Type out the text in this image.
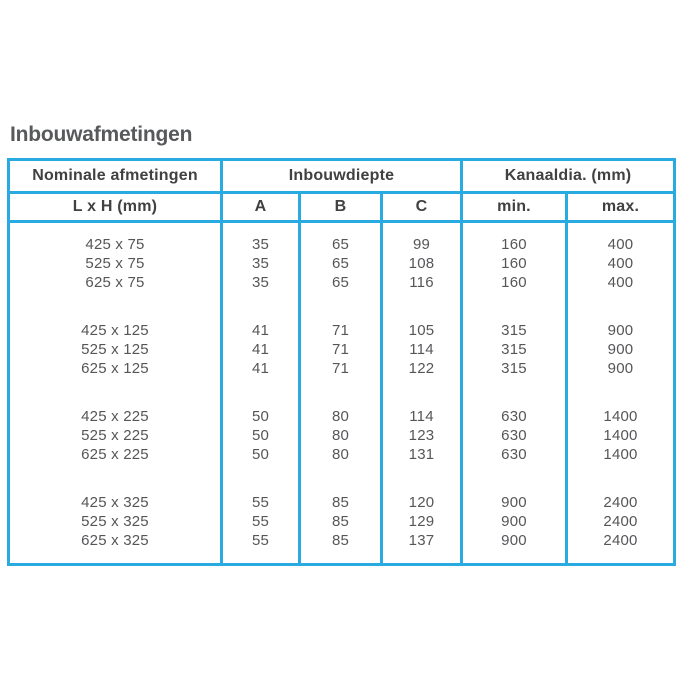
Inbouwafmetingen
Nominale afmetingen	Inbouwdiepte			Kanaaldia. (mm)	
L x H (mm)	A	B	C	min.	max.

425 x 75	35	65	99	160	400
525 x 75	35	65	108	160	400
625 x 75	35	65	116	160	400

425 x 125	41	71	105	315	900
525 x 125	41	71	114	315	900
625 x 125	41	71	122	315	900

425 x 225	50	80	114	630	1400
525 x 225	50	80	123	630	1400
625 x 225	50	80	131	630	1400

425 x 325	55	85	120	900	2400
525 x 325	55	85	129	900	2400
625 x 325	55	85	137	900	2400
